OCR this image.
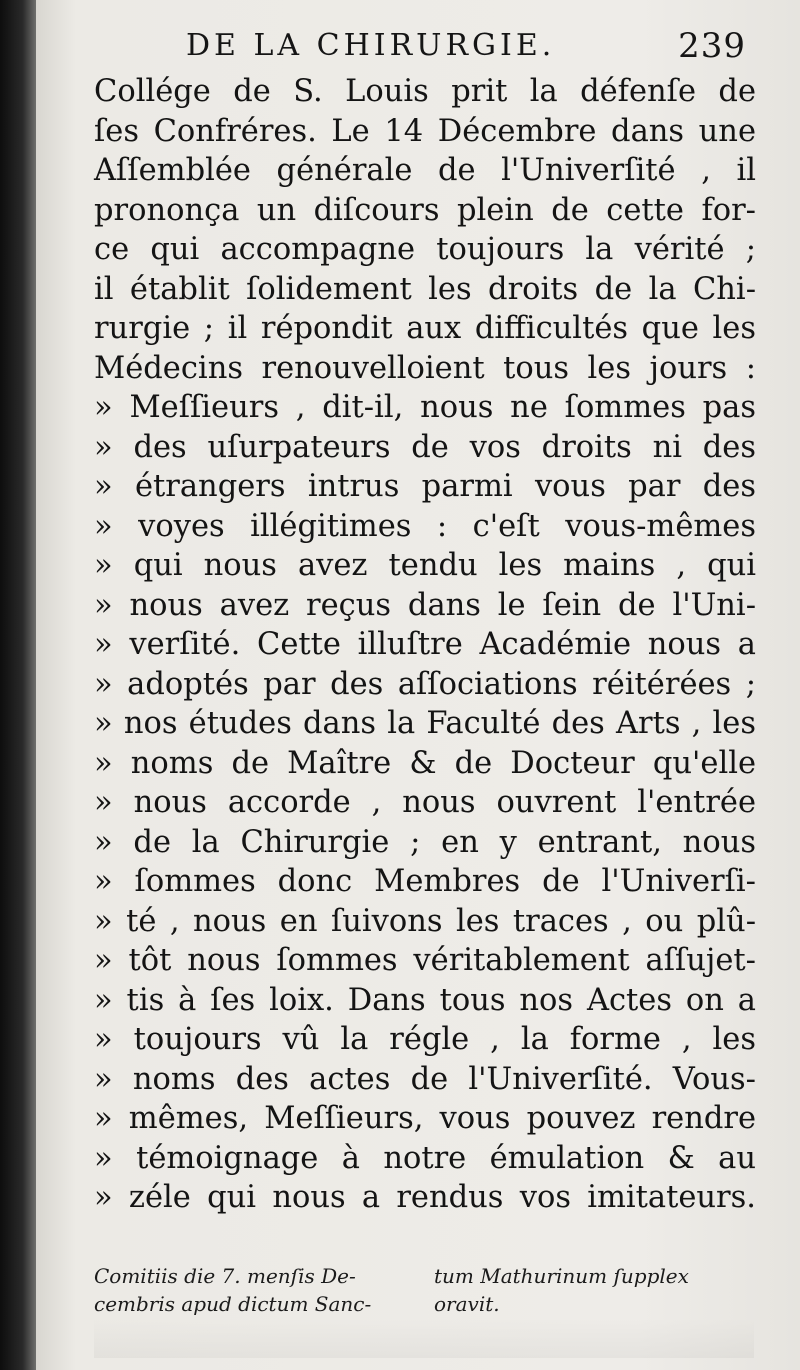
DE LA CHIRURGIE.	239
Collége de S. Louis prit la défenſe de
ſes Confréres. Le 14 Décembre dans une
Aſſemblée générale de l'Univerſité , il
prononça un diſcours plein de cette for-
ce qui accompagne toujours la vérité ;
il établit ſolidement les droits de la Chi-
rurgie ; il répondit aux difficultés que les
Médecins renouvelloient tous les jours :
» Meſſieurs , dit-il, nous ne ſommes pas
» des uſurpateurs de vos droits ni des
» étrangers intrus parmi vous par des
» voyes illégitimes : c'eſt vous-mêmes
» qui nous avez tendu les mains , qui
» nous avez reçus dans le ſein de l'Uni-
» verſité. Cette illuſtre Académie nous a
» adoptés par des aſſociations réitérées ;
» nos études dans la Faculté des Arts , les
» noms de Maître & de Docteur qu'elle
» nous accorde , nous ouvrent l'entrée
» de la Chirurgie ; en y entrant, nous
» ſommes donc Membres de l'Univerſi-
» té , nous en ſuivons les traces , ou plû-
» tôt nous ſommes véritablement aſſujet-
» tis à ſes loix. Dans tous nos Actes on a
» toujours vû la régle , la forme , les
» noms des actes de l'Univerſité. Vous-
» mêmes, Meſſieurs, vous pouvez rendre
» témoignage à notre émulation & au
» zéle qui nous a rendus vos imitateurs.
Comitiis die 7. menſis De-
cembris apud dictum Sanc-
tum Mathurinum ſupplex
oravit.
